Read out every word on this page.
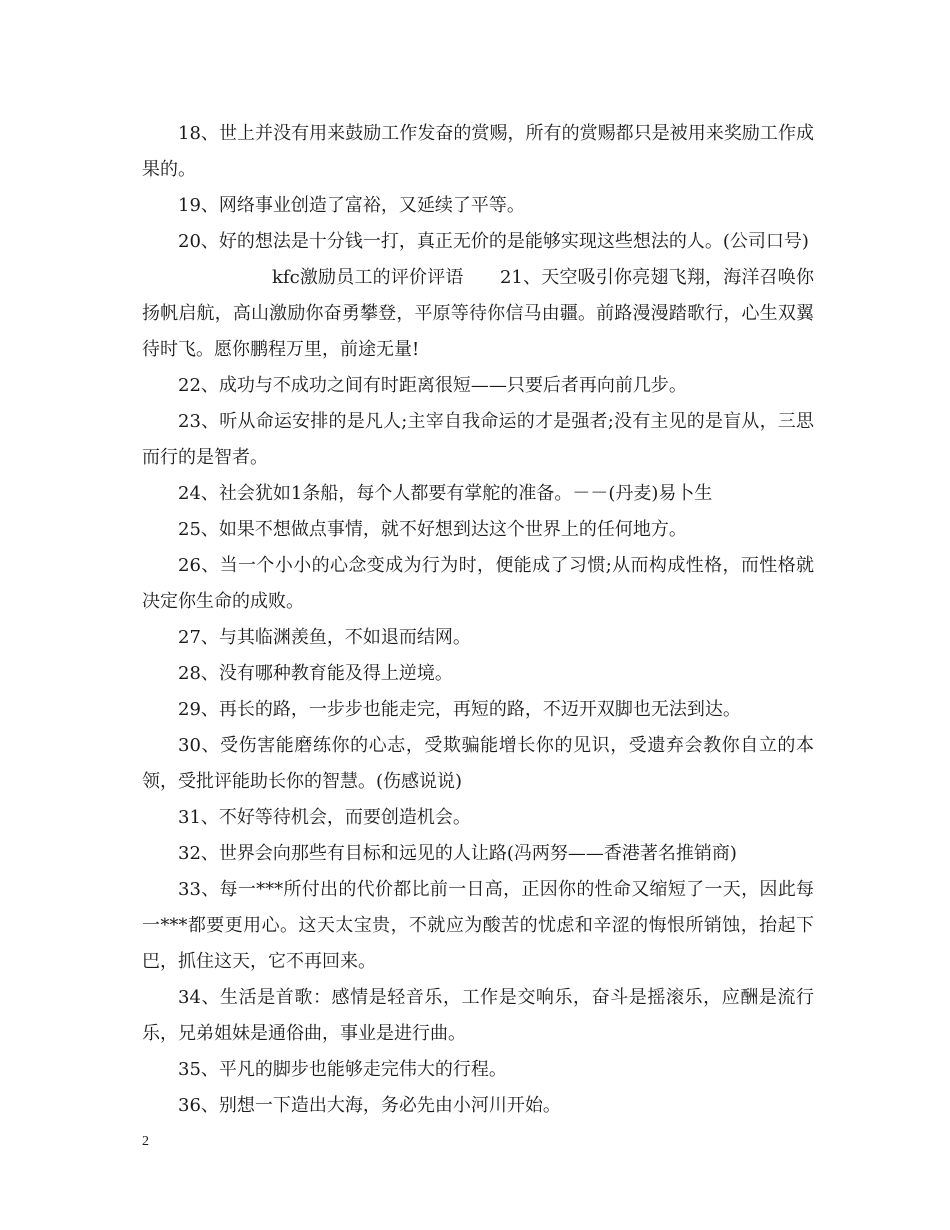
18、世上并没有用来鼓励工作发奋的赏赐，所有的赏赐都只是被用来奖励工作成果的。

19、网络事业创造了富裕，又延续了平等。

20、好的想法是十分钱一打，真正无价的是能够实现这些想法的人。(公司口号)

kfc激励员工的评价评语　　21、天空吸引你亮翅飞翔，海洋召唤你扬帆启航，高山激励你奋勇攀登，平原等待你信马由疆。前路漫漫踏歌行，心生双翼待时飞。愿你鹏程万里，前途无量!

22、成功与不成功之间有时距离很短——只要后者再向前几步。

23、听从命运安排的是凡人;主宰自我命运的才是强者;没有主见的是盲从，三思而行的是智者。

24、社会犹如1条船，每个人都要有掌舵的准备。－－(丹麦)易卜生

25、如果不想做点事情，就不好想到达这个世界上的任何地方。

26、当一个小小的心念变成为行为时，便能成了习惯;从而构成性格，而性格就决定你生命的成败。

27、与其临渊羡鱼，不如退而结网。

28、没有哪种教育能及得上逆境。

29、再长的路，一步步也能走完，再短的路，不迈开双脚也无法到达。

30、受伤害能磨练你的心志，受欺骗能增长你的见识，受遗弃会教你自立的本领，受批评能助长你的智慧。(伤感说说)

31、不好等待机会，而要创造机会。

32、世界会向那些有目标和远见的人让路(冯两努——香港著名推销商)

33、每一***所付出的代价都比前一日高，正因你的性命又缩短了一天，因此每一***都要更用心。这天太宝贵，不就应为酸苦的忧虑和辛涩的悔恨所销蚀，抬起下巴，抓住这天，它不再回来。

34、生活是首歌：感情是轻音乐，工作是交响乐，奋斗是摇滚乐，应酬是流行乐，兄弟姐妹是通俗曲，事业是进行曲。

35、平凡的脚步也能够走完伟大的行程。

36、别想一下造出大海，务必先由小河川开始。

2
